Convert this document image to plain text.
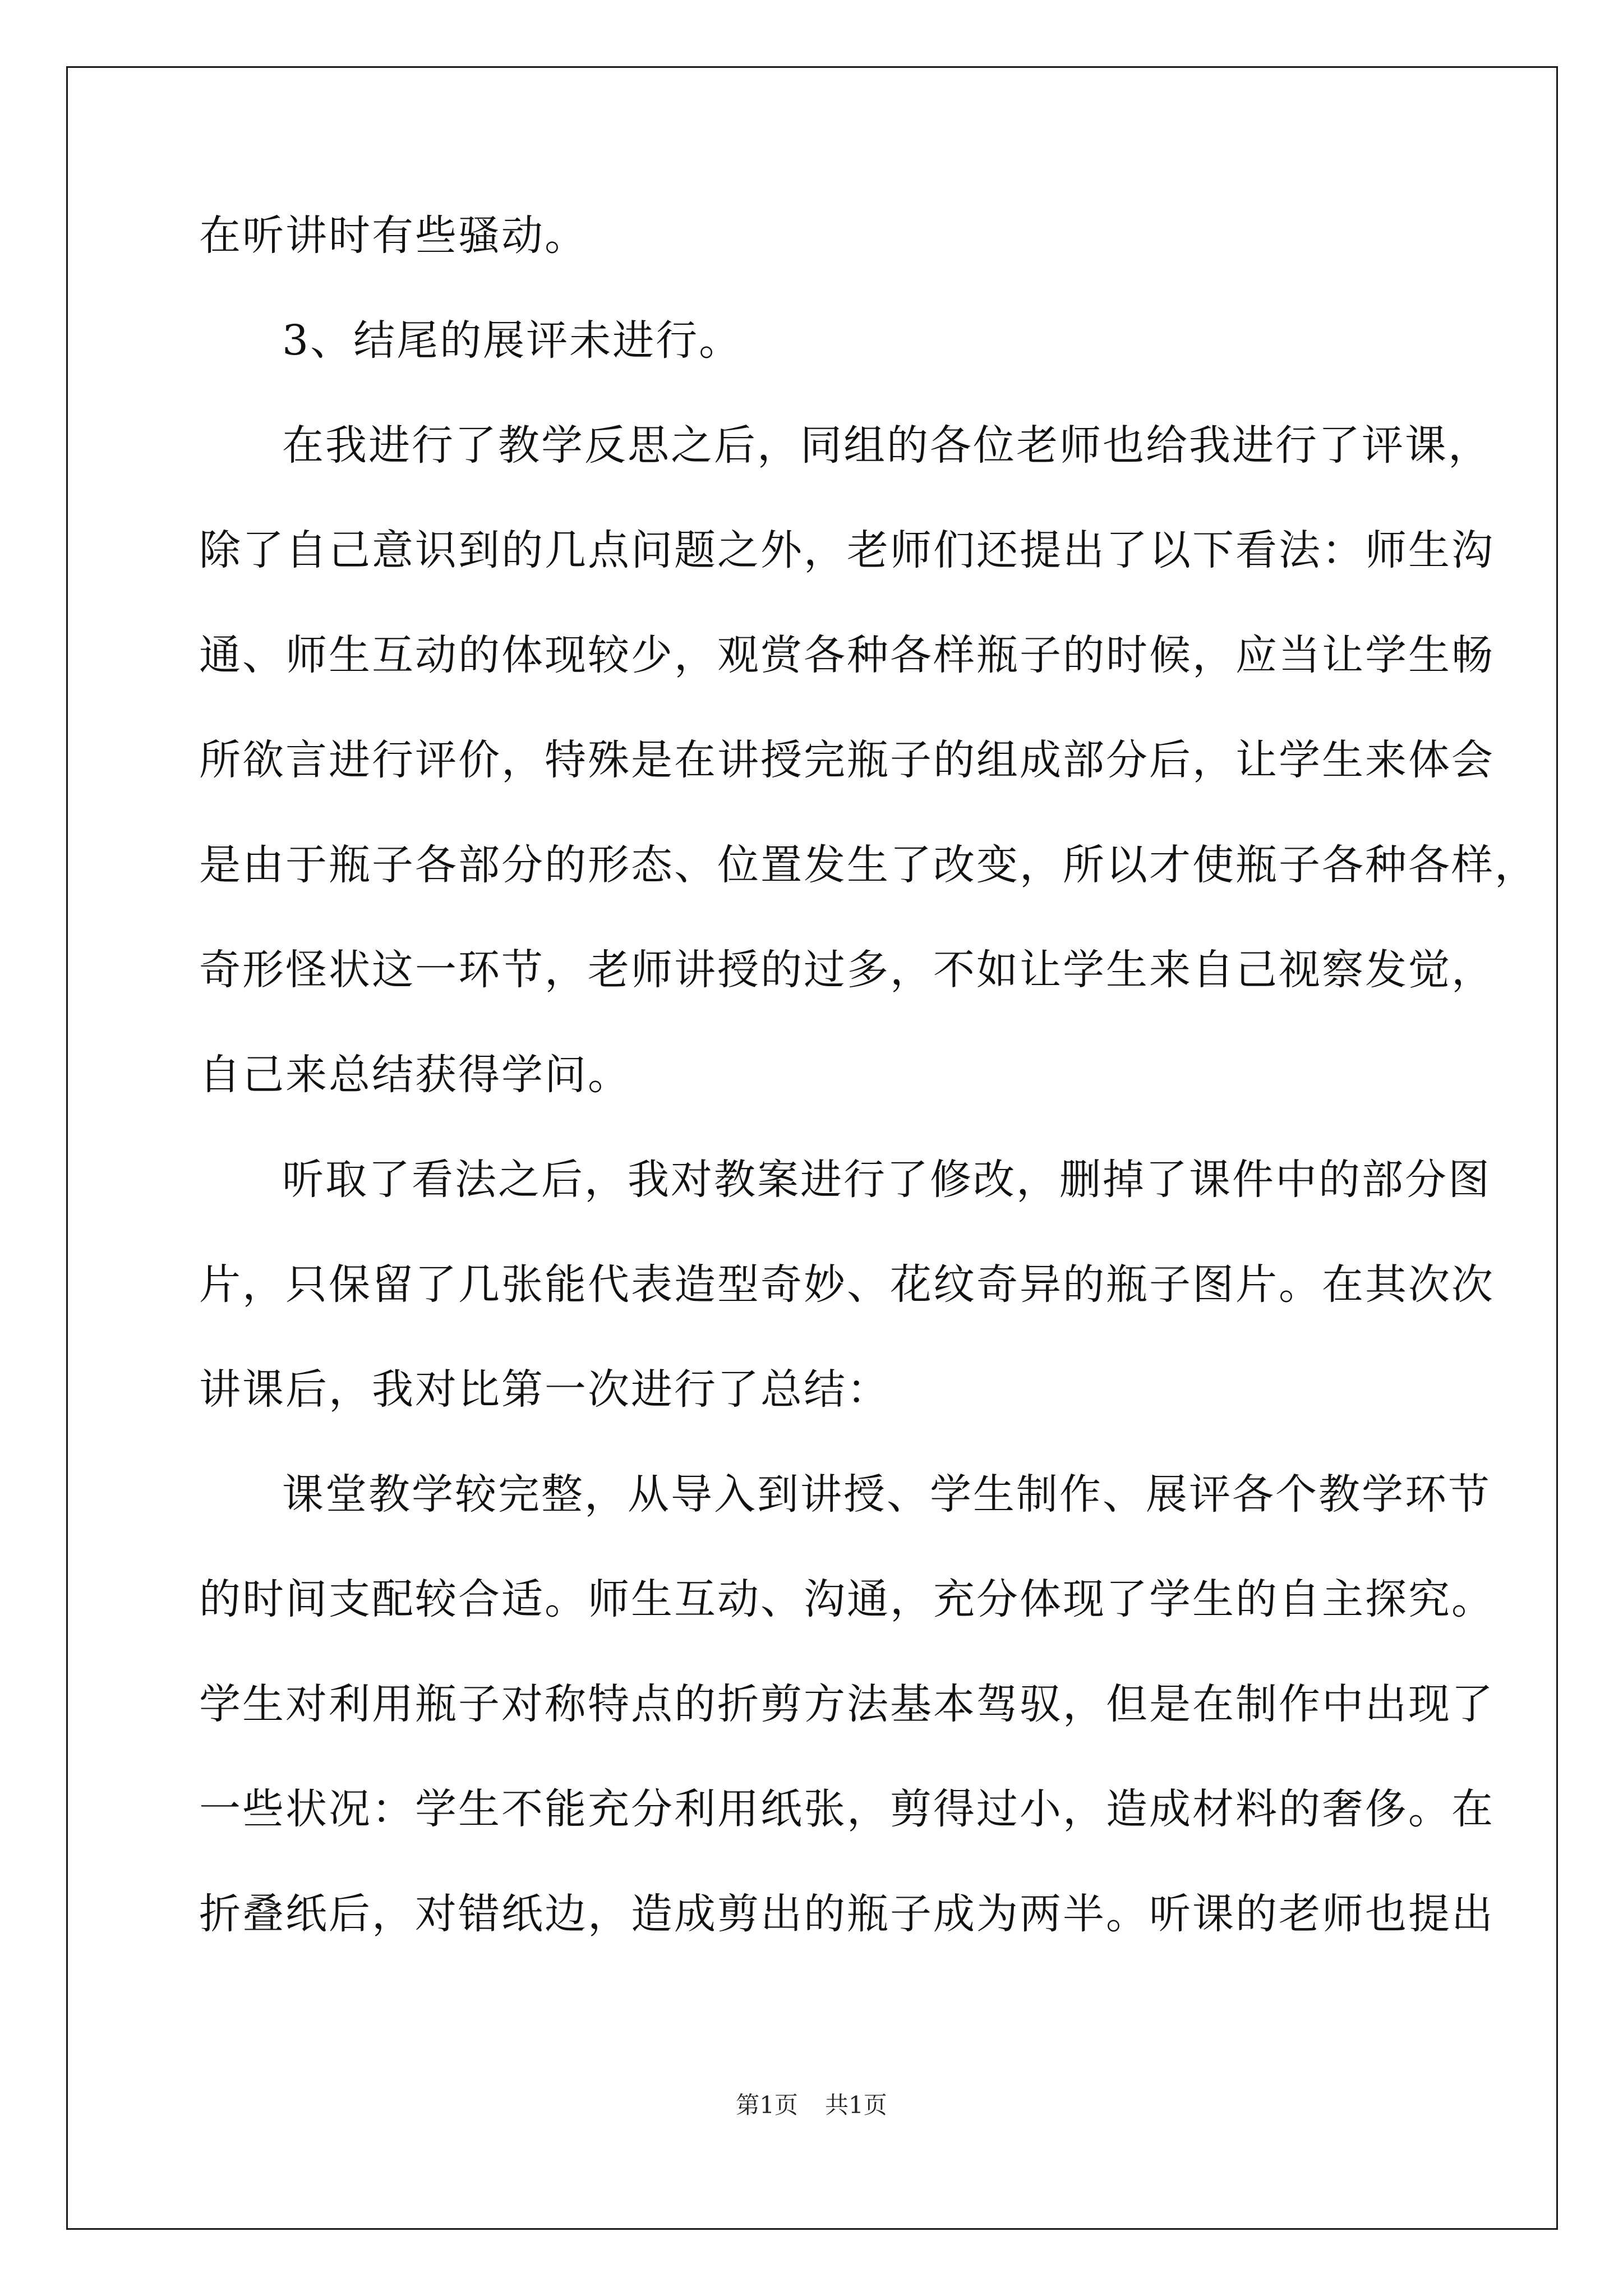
在听讲时有些骚动。
3、结尾的展评未进行。
在我进行了教学反思之后，同组的各位老师也给我进行了评课，
除了自己意识到的几点问题之外，老师们还提出了以下看法：师生沟
通、师生互动的体现较少，观赏各种各样瓶子的时候，应当让学生畅
所欲言进行评价，特殊是在讲授完瓶子的组成部分后，让学生来体会
是由于瓶子各部分的形态、位置发生了改变，所以才使瓶子各种各样，
奇形怪状这一环节，老师讲授的过多，不如让学生来自己视察发觉，
自己来总结获得学问。
听取了看法之后，我对教案进行了修改，删掉了课件中的部分图
片，只保留了几张能代表造型奇妙、花纹奇异的瓶子图片。在其次次
讲课后，我对比第一次进行了总结：
课堂教学较完整，从导入到讲授、学生制作、展评各个教学环节
的时间支配较合适。师生互动、沟通，充分体现了学生的自主探究。
学生对利用瓶子对称特点的折剪方法基本驾驭，但是在制作中出现了
一些状况：学生不能充分利用纸张，剪得过小，造成材料的奢侈。在
折叠纸后，对错纸边，造成剪出的瓶子成为两半。听课的老师也提出
第1页 共1页
